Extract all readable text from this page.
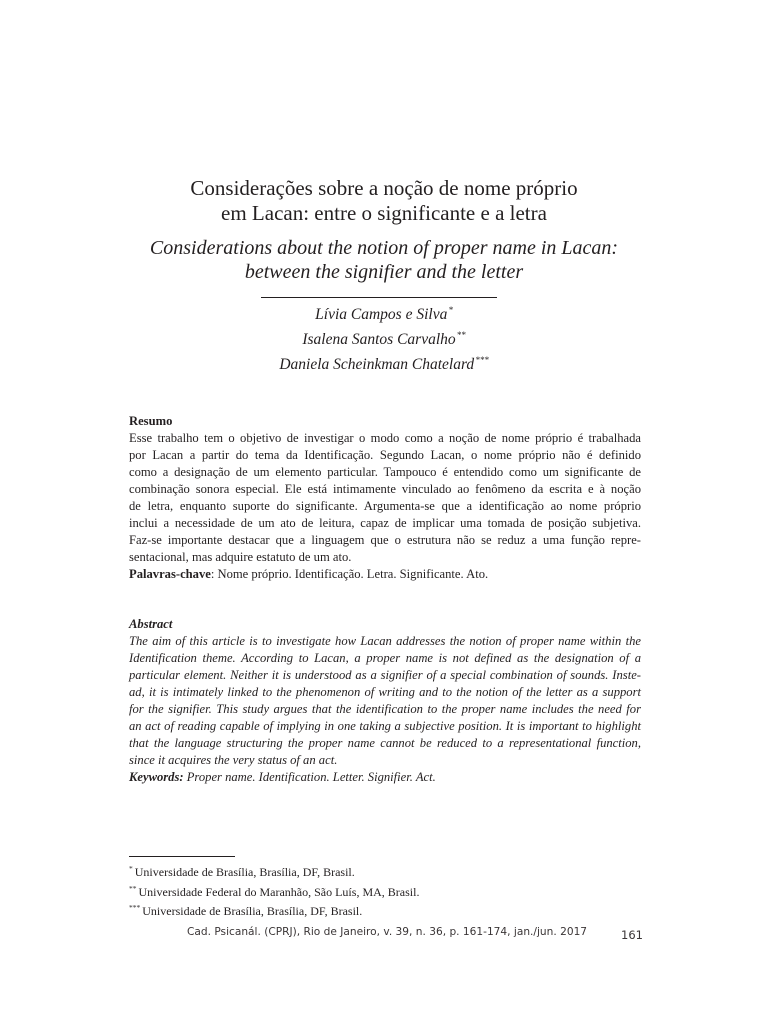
Considerações sobre a noção de nome próprio
em Lacan: entre o significante e a letra
Considerations about the notion of proper name in Lacan:
between the signifier and the letter
Lívia Campos e Silva*
Isalena Santos Carvalho**
Daniela Scheinkman Chatelard***
Resumo
Esse trabalho tem o objetivo de investigar o modo como a noção de nome próprio é trabalhada
por Lacan a partir do tema da Identificação. Segundo Lacan, o nome próprio não é definido
como a designação de um elemento particular. Tampouco é entendido como um significante de
combinação sonora especial. Ele está intimamente vinculado ao fenômeno da escrita e à noção
de letra, enquanto suporte do significante. Argumenta-se que a identificação ao nome próprio
inclui a necessidade de um ato de leitura, capaz de implicar uma tomada de posição subjetiva.
Faz-se importante destacar que a linguagem que o estrutura não se reduz a uma função repre-
sentacional, mas adquire estatuto de um ato.
Palavras-chave: Nome próprio. Identificação. Letra. Significante. Ato.
Abstract
The aim of this article is to investigate how Lacan addresses the notion of proper name within the
Identification theme. According to Lacan, a proper name is not defined as the designation of a
particular element. Neither it is understood as a signifier of a special combination of sounds. Inste-
ad, it is intimately linked to the phenomenon of writing and to the notion of the letter as a support
for the signifier. This study argues that the identification to the proper name includes the need for
an act of reading capable of implying in one taking a subjective position. It is important to highlight
that the language structuring the proper name cannot be reduced to a representational function,
since it acquires the very status of an act.
Keywords: Proper name. Identification. Letter. Signifier. Act.
* Universidade de Brasília, Brasília, DF, Brasil.
** Universidade Federal do Maranhão, São Luís, MA, Brasil.
*** Universidade de Brasília, Brasília, DF, Brasil.
Cad. Psicanál. (CPRJ), Rio de Janeiro, v. 39, n. 36, p. 161-174, jan./jun. 2017	161
